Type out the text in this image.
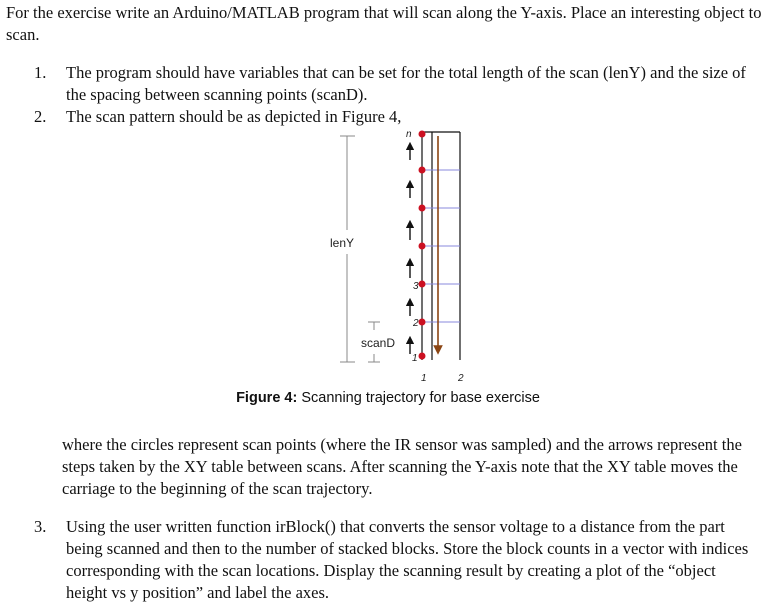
For the exercise write an Arduino/MATLAB program that will scan along the Y-axis. Place an interesting object to scan.
1. The program should have variables that can be set for the total length of the scan (lenY) and the size of the spacing between scanning points (scanD).
2. The scan pattern should be as depicted in Figure 4,
lenY
scanD
1
2
3
n
1	2
Figure 4: Scanning trajectory for base exercise
where the circles represent scan points (where the IR sensor was sampled) and the arrows represent the steps taken by the XY table between scans. After scanning the Y-axis note that the XY table moves the carriage to the beginning of the scan trajectory.
3. Using the user written function irBlock() that converts the sensor voltage to a distance from the part being scanned and then to the number of stacked blocks. Store the block counts in a vector with indices corresponding with the scan locations. Display the scanning result by creating a plot of the “object height vs y position” and label the axes.
